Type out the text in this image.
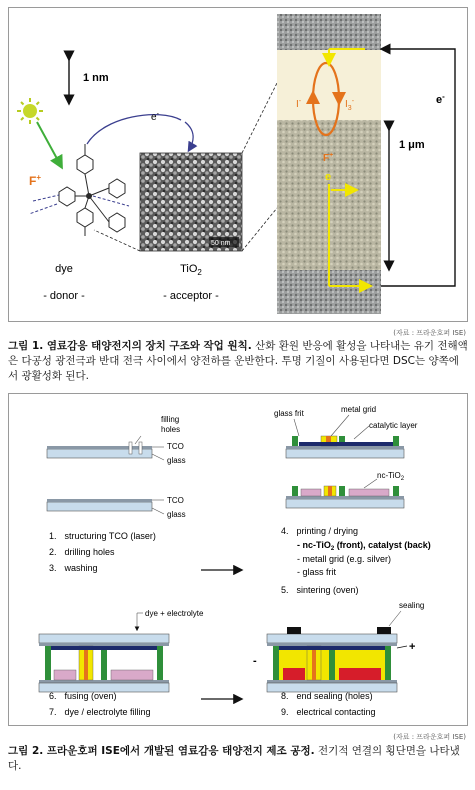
1 nm
F+
e-
50 nm
dye
- donor -
TiO$_2$
- acceptor -
I-	$I_3^-$
F+
e
1 μm
e-
(자료 : 프라운호퍼 ISE)
그림 1. 염료감응 태양전지의 장치 구조와 작업 원칙. 산화 환원 반응에 활성을 나타내는 유기 전해액은 다공성 광전극과 반대 전극 사이에서 양전하를 운반한다. 투명 기질이 사용된다면 DSC는 양쪽에서 광활성화 된다.
filling
holes
TCO
glass
TCO
glass
1. structuring TCO (laser)
2. drilling holes
3. washing
glass frit	metal grid
catalytic layer
nc-TiO$_2$
4. printing / drying
- nc-TiO$_2$ (front), catalyst (back)
- metall grid (e.g. silver)
- glass frit
5. sintering (oven)
dye + electrolyte
6. fusing (oven)
7. dye / electrolyte filling
sealing
+
-
8. end sealing (holes)
9. electrical contacting
(자료 : 프라운호퍼 ISE)
그림 2. 프라운호퍼 ISE에서 개발된 염료감응 태양전지 제조 공정. 전기적 연결의 횡단면을 나타냈다.
